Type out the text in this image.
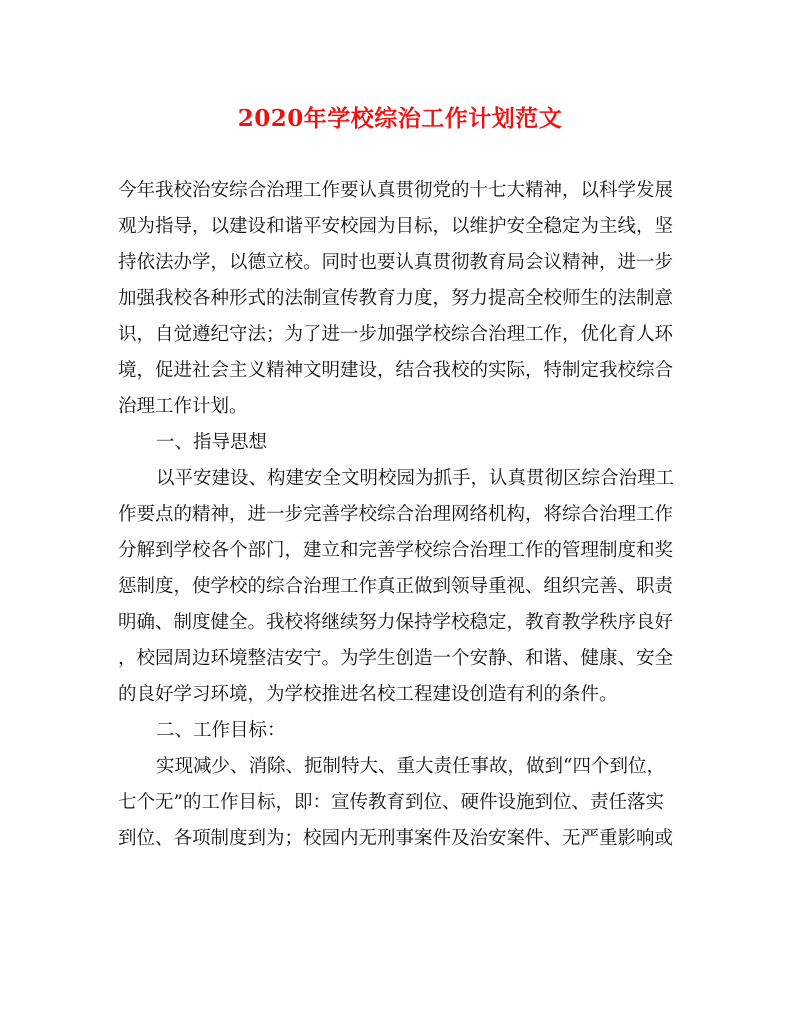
2020年学校综治工作计划范文
今年我校治安综合治理工作要认真贯彻党的十七大精神，以科学发展
观为指导，以建设和谐平安校园为目标，以维护安全稳定为主线，坚
持依法办学，以德立校。同时也要认真贯彻教育局会议精神，进一步
加强我校各种形式的法制宣传教育力度，努力提高全校师生的法制意
识，自觉遵纪守法；为了进一步加强学校综合治理工作，优化育人环
境，促进社会主义精神文明建设，结合我校的实际，特制定我校综合
治理工作计划。
一、指导思想
以平安建设、构建安全文明校园为抓手，认真贯彻区综合治理工
作要点的精神，进一步完善学校综合治理网络机构，将综合治理工作
分解到学校各个部门，建立和完善学校综合治理工作的管理制度和奖
惩制度，使学校的综合治理工作真正做到领导重视、组织完善、职责
明确、制度健全。我校将继续努力保持学校稳定，教育教学秩序良好
，校园周边环境整洁安宁。为学生创造一个安静、和谐、健康、安全
的良好学习环境，为学校推进名校工程建设创造有利的条件。
二、工作目标：
实现减少、消除、扼制特大、重大责任事故，做到“四个到位，
七个无”的工作目标，即：宣传教育到位、硬件设施到位、责任落实
到位、各项制度到为；校园内无刑事案件及治安案件、无严重影响或
